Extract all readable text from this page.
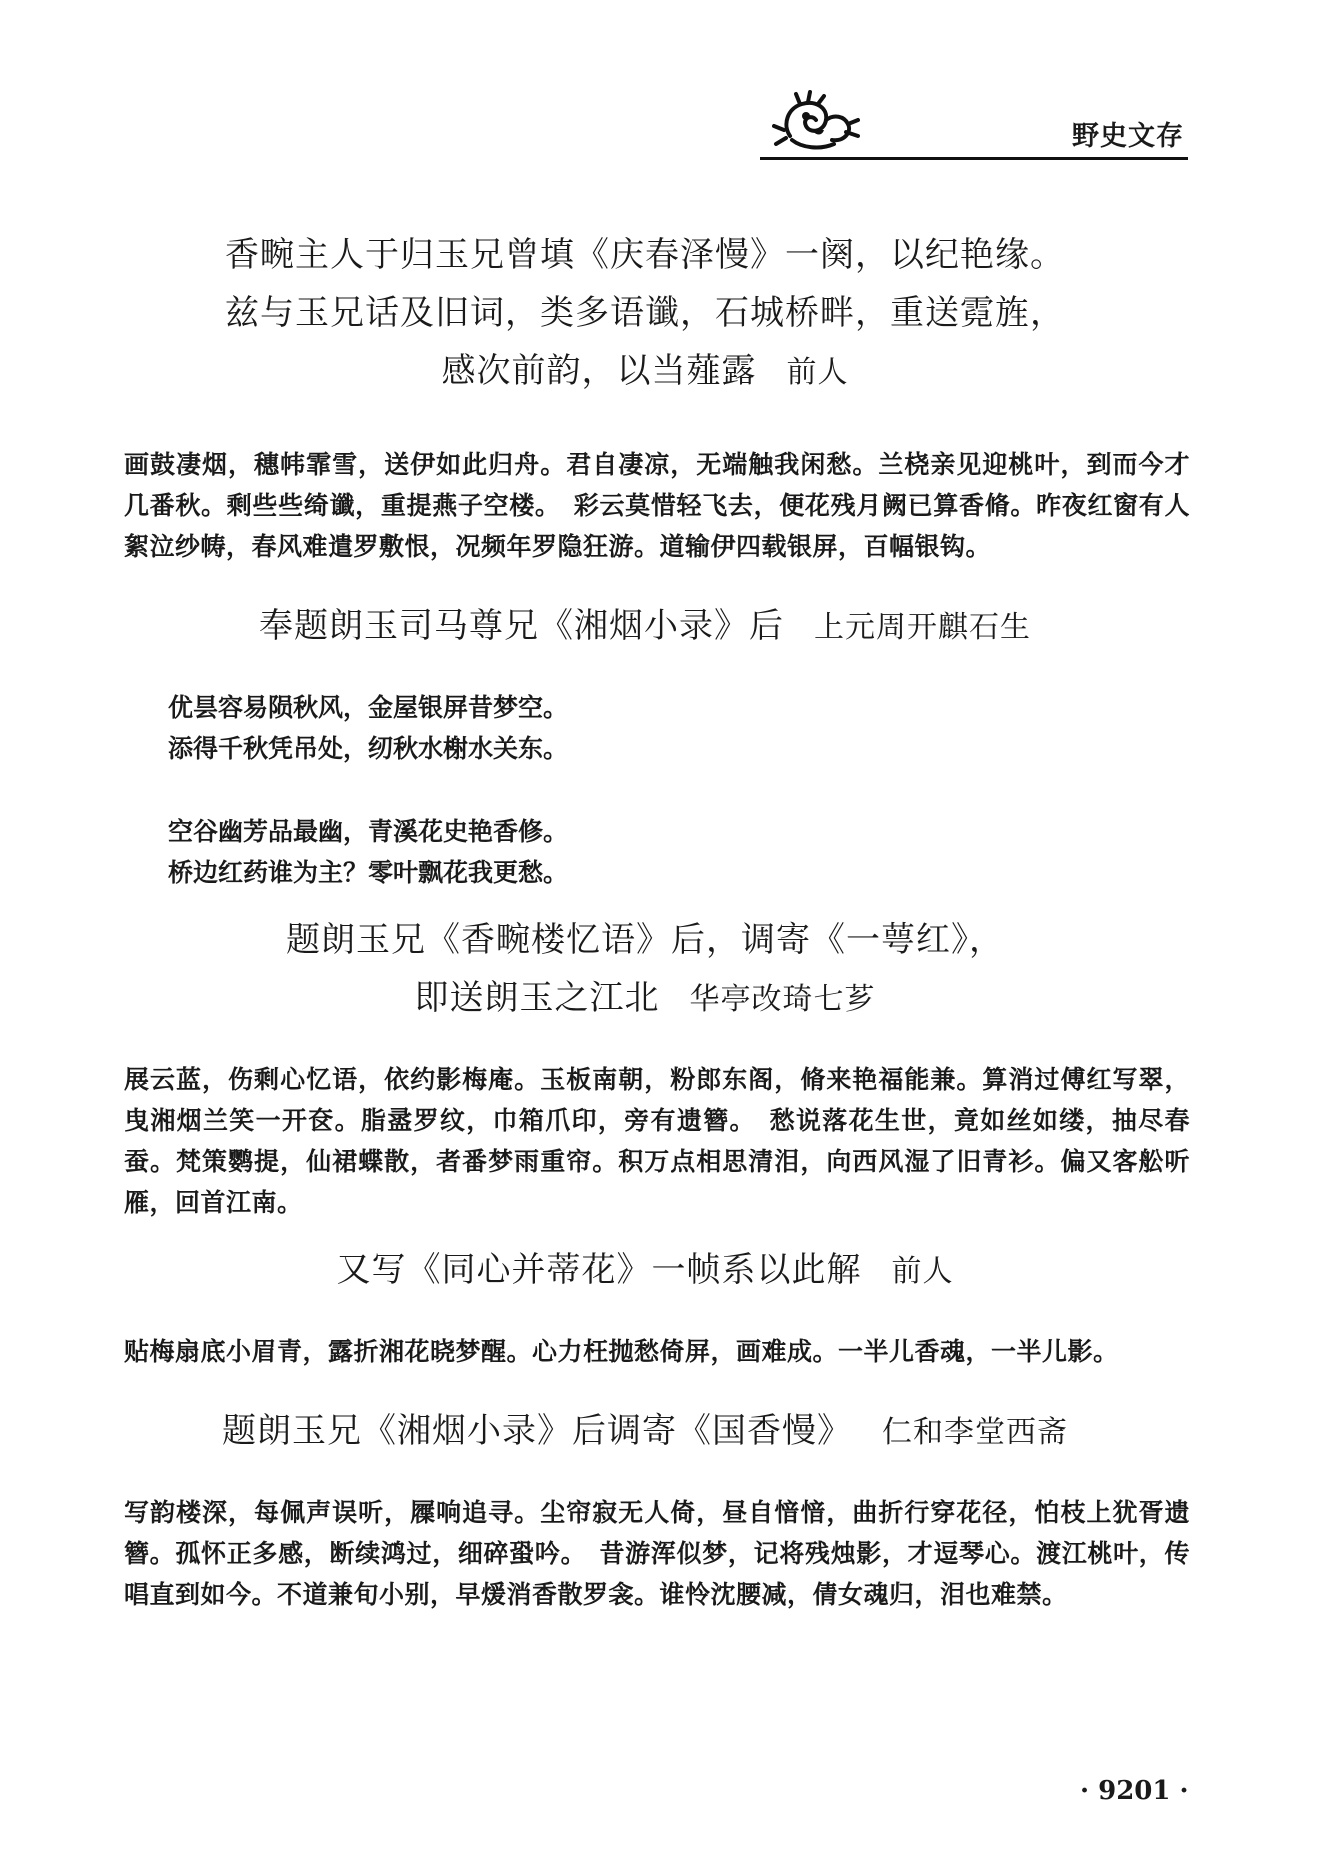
野史文存
香畹主人于归玉兄曾填《庆春泽慢》一阕，以纪艳缘。
兹与玉兄话及旧词，类多语谶，石城桥畔，重送霓旌，
感次前韵，以当薤露 前人

画鼓凄烟，穗帏霏雪，送伊如此归舟。君自凄凉，无端触我闲愁。兰桡亲见迎桃叶，到而今才几番秋。剩些些绮谶，重提燕子空楼。　彩云莫惜轻飞去，便花残月阙已算香脩。昨夜红窗有人絮泣纱帱，春风难遣罗敷恨，况频年罗隐狂游。道输伊四载银屏，百幅银钩。

奉题朗玉司马尊兄《湘烟小录》后 上元周开麒石生
优昙容易陨秋风，金屋银屏昔梦空。
添得千秋凭吊处，纫秋水榭水关东。
空谷幽芳品最幽，青溪花史艳香修。
桥边红药谁为主？零叶飘花我更愁。
题朗玉兄《香畹楼忆语》后，调寄《一萼红》，
即送朗玉之江北 华亭改琦七芗

展云蓝，伤剩心忆语，依约影梅庵。玉板南朝，粉郎东阁，脩来艳福能兼。算消过傅红写翠，曳湘烟兰笑一开奁。脂盝罗纹，巾箱爪印，旁有遗簪。　愁说落花生世，竟如丝如缕，抽尽春蚕。梵策鹦提，仙裙蝶散，者番梦雨重帘。积万点相思清泪，向西风湿了旧青衫。偏又客舩听雁，回首江南。

又写《同心并蒂花》一帧系以此解 前人

贴梅扇底小眉青，露折湘花晓梦醒。心力枉抛愁倚屏，画难成。一半儿香魂，一半儿影。

题朗玉兄《湘烟小录》后调寄《国香慢》 仁和李堂西斋

写韵楼深，每佩声误听，屧响追寻。尘帘寂无人倚，昼自愔愔，曲折行穿花径，怕枝上犹胥遗簪。孤怀正多感，断续鸿过，细碎蛩吟。　昔游浑似梦，记将残烛影，才逗琴心。渡江桃叶，传唱直到如今。不道兼旬小别，早煖消香散罗衾。谁怜沈腰减，倩女魂归，泪也难禁。

· 9201 ·
